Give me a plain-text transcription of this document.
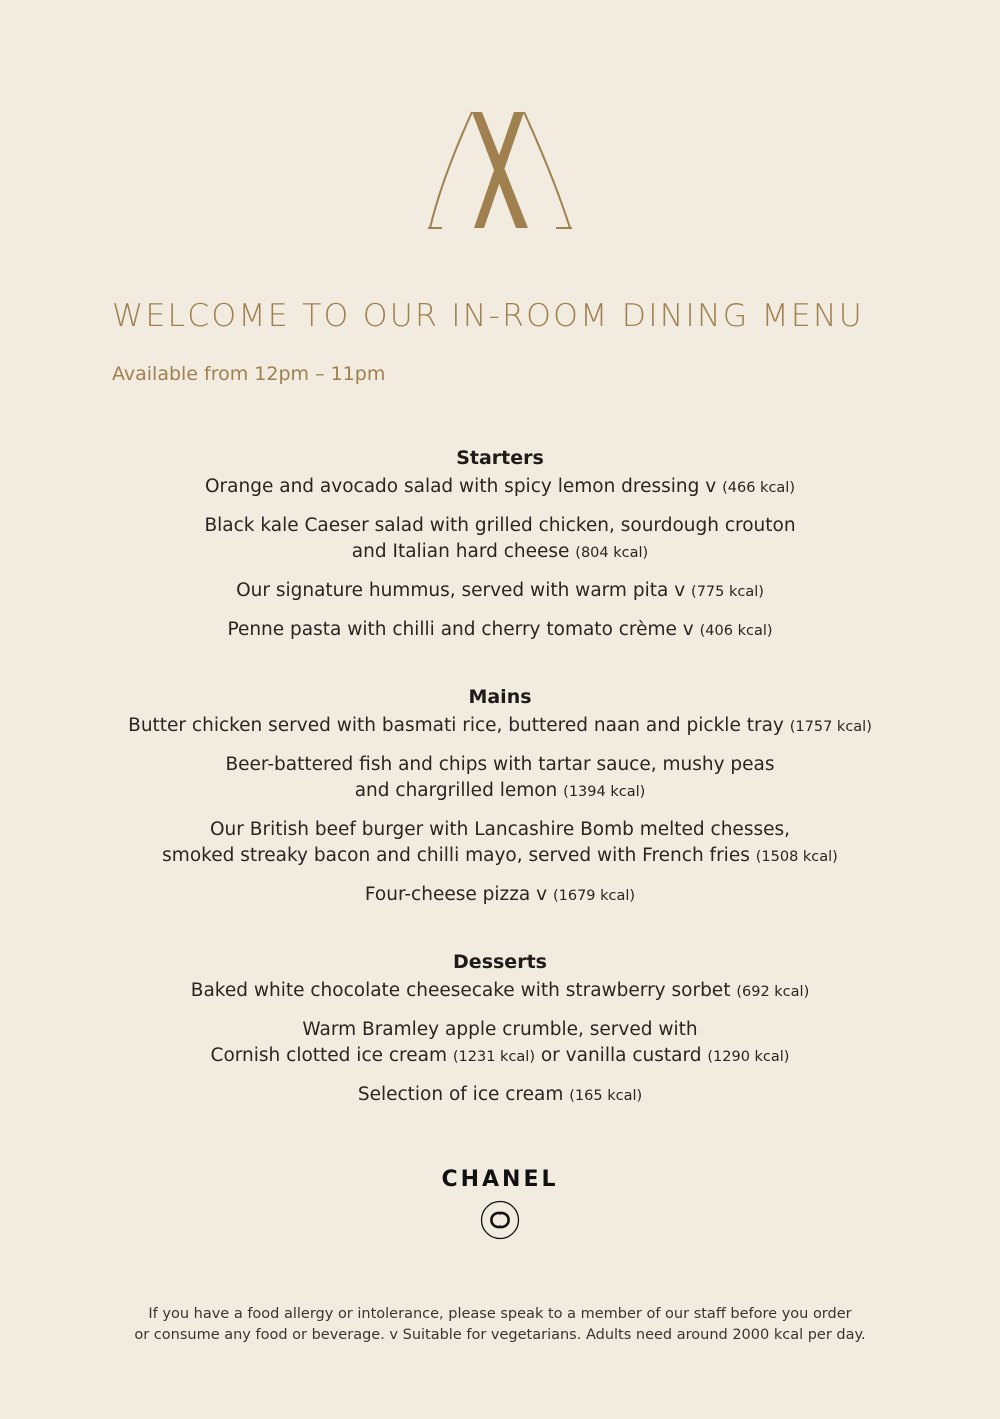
WELCOME TO OUR IN-ROOM DINING MENU
Available from 12pm – 11pm
Starters
Orange and avocado salad with spicy lemon dressing v (466 kcal)
Black kale Caeser salad with grilled chicken, sourdough crouton
and Italian hard cheese (804 kcal)
Our signature hummus, served with warm pita v (775 kcal)
Penne pasta with chilli and cherry tomato crème v (406 kcal)
Mains
Butter chicken served with basmati rice, buttered naan and pickle tray (1757 kcal)
Beer-battered fish and chips with tartar sauce, mushy peas
and chargrilled lemon (1394 kcal)
Our British beef burger with Lancashire Bomb melted chesses,
smoked streaky bacon and chilli mayo, served with French fries (1508 kcal)
Four-cheese pizza v (1679 kcal)
Desserts
Baked white chocolate cheesecake with strawberry sorbet (692 kcal)
Warm Bramley apple crumble, served with
Cornish clotted ice cream (1231 kcal) or vanilla custard (1290 kcal)
Selection of ice cream (165 kcal)
CHANEL
If you have a food allergy or intolerance, please speak to a member of our staff before you order
or consume any food or beverage. v Suitable for vegetarians. Adults need around 2000 kcal per day.
